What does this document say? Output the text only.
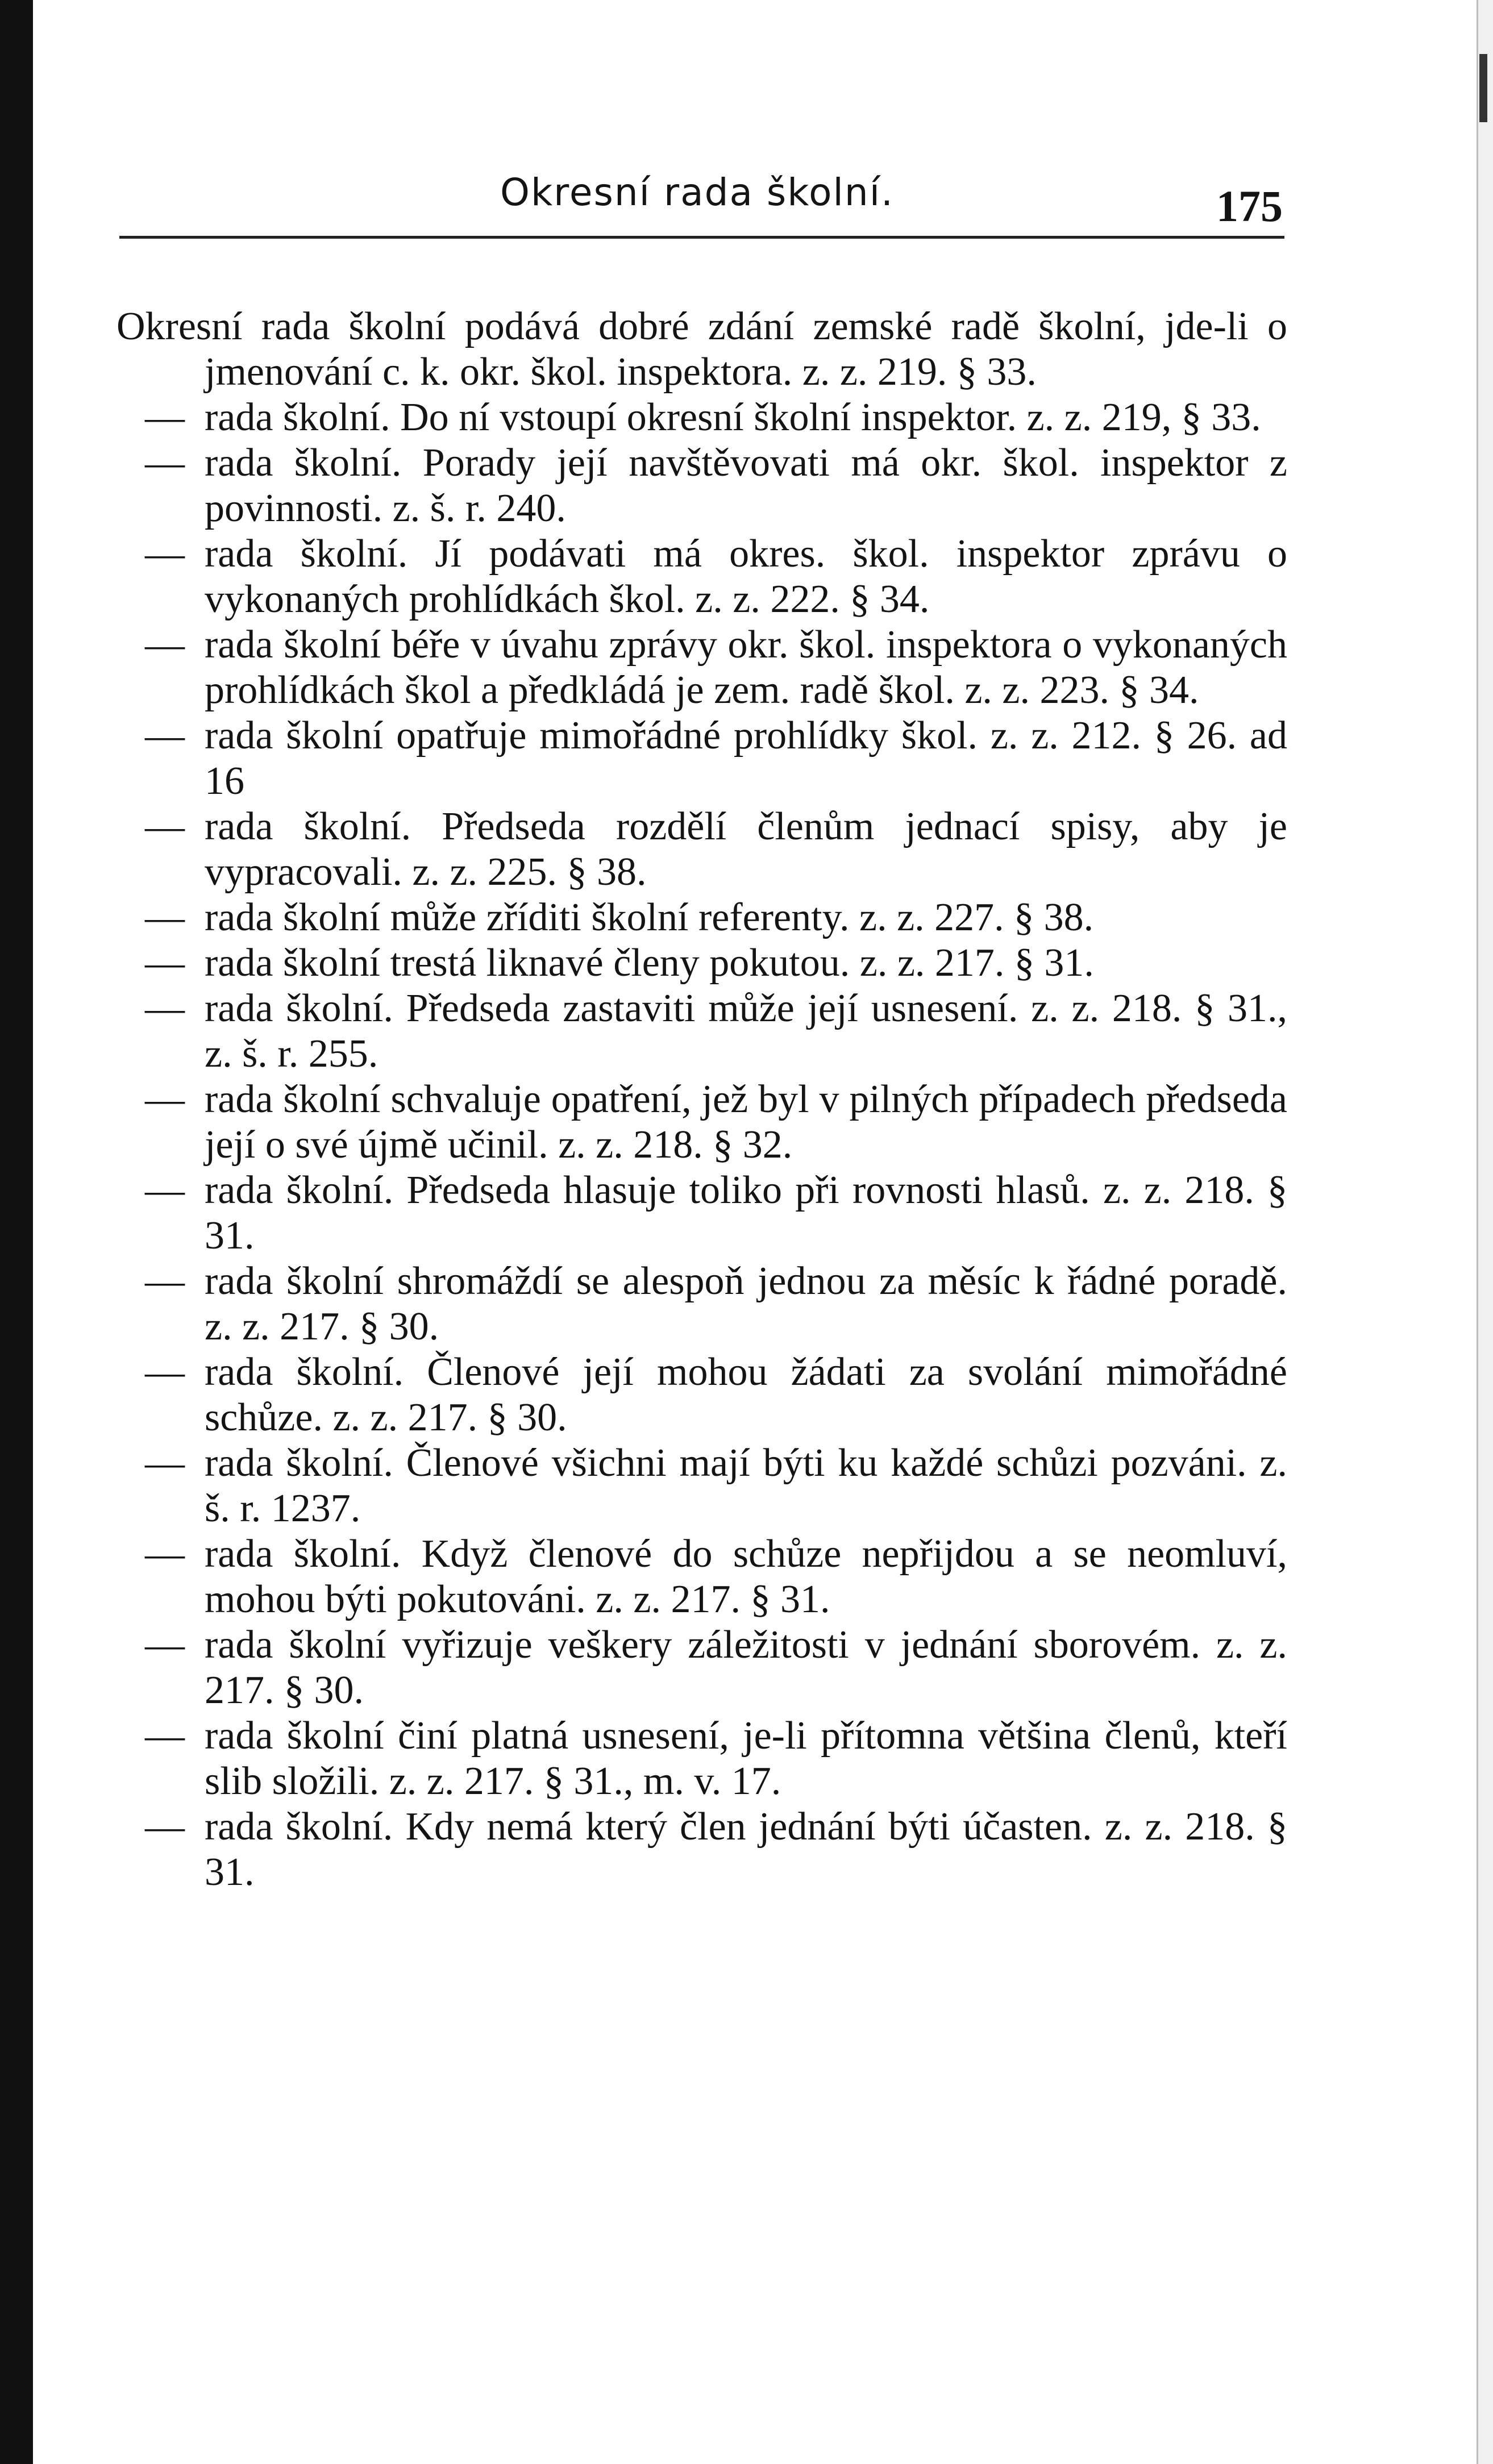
Okresní rada školní.	175
Okresní rada školní podává dobré zdání zemské radě školní, jde-li o jmenování c. k. okr. škol. inspektora. z. z. 219. § 33.
— rada školní. Do ní vstoupí okresní školní inspektor. z. z. 219, § 33.
— rada školní. Porady její navštěvovati má okr. škol. inspektor z povinnosti. z. š. r. 240.
— rada školní. Jí podávati má okres. škol. inspektor zprávu o vykonaných prohlídkách škol. z. z. 222. § 34.
— rada školní béře v úvahu zprávy okr. škol. inspektora o vykonaných prohlídkách škol a předkládá je zem. radě škol. z. z. 223. § 34.
— rada školní opatřuje mimořádné prohlídky škol. z. z. 212. § 26. ad 16
— rada školní. Předseda rozdělí členům jednací spisy, aby je vypracovali. z. z. 225. § 38.
— rada školní může zříditi školní referenty. z. z. 227. § 38.
— rada školní trestá liknavé členy pokutou. z. z. 217. § 31.
— rada školní. Předseda zastaviti může její usnesení. z. z. 218. § 31., z. š. r. 255.
— rada školní schvaluje opatření, jež byl v pilných případech předseda její o své újmě učinil. z. z. 218. § 32.
— rada školní. Předseda hlasuje toliko při rovnosti hlasů. z. z. 218. § 31.
— rada školní shromáždí se alespoň jednou za měsíc k řádné poradě. z. z. 217. § 30.
— rada školní. Členové její mohou žádati za svolání mimořádné schůze. z. z. 217. § 30.
— rada školní. Členové všichni mají býti ku každé schůzi pozváni. z. š. r. 1237.
— rada školní. Když členové do schůze nepřijdou a se neomluví, mohou býti pokutováni. z. z. 217. § 31.
— rada školní vyřizuje veškery záležitosti v jednání sborovém. z. z. 217. § 30.
— rada školní činí platná usnesení, je-li přítomna většina členů, kteří slib složili. z. z. 217. § 31., m. v. 17.
— rada školní. Kdy nemá který člen jednání býti účasten. z. z. 218. § 31.
